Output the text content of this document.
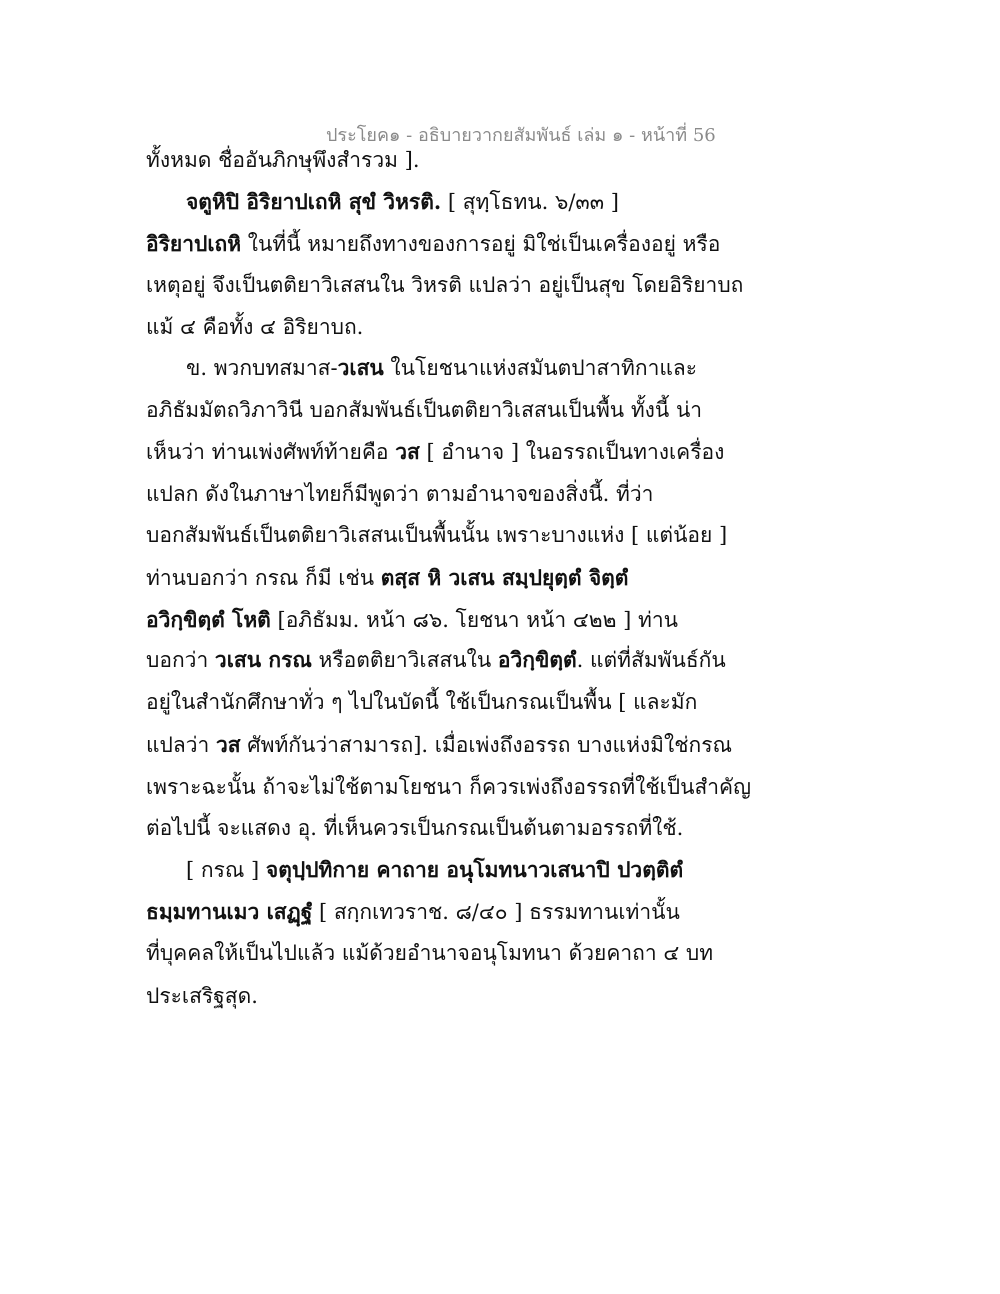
ประโยค๑ - อธิบายวากยสัมพันธ์ เล่ม ๑ - หน้าที่ 56
ทั้งหมด ชื่ออันภิกษุพึงสำรวม ].
จตูหิปิ อิริยาปเถหิ สุขํ วิหรติ. [ สุทฺโธทน. ๖/๓๓ ]
อิริยาปเถหิ ในที่นี้ หมายถึงทางของการอยู่ มิใช่เป็นเครื่องอยู่ หรือ
เหตุอยู่ จึงเป็นตติยาวิเสสนใน วิหรติ แปลว่า อยู่เป็นสุข โดยอิริยาบถ
แม้ ๔ คือทั้ง ๔ อิริยาบถ.
ข. พวกบทสมาส-วเสน ในโยชนาแห่งสมันตปาสาทิกาและ
อภิธัมมัตถวิภาวินี บอกสัมพันธ์เป็นตติยาวิเสสนเป็นพื้น ทั้งนี้ น่า
เห็นว่า ท่านเพ่งศัพท์ท้ายคือ วส [ อำนาจ ] ในอรรถเป็นทางเครื่อง
แปลก ดังในภาษาไทยก็มีพูดว่า ตามอำนาจของสิ่งนี้. ที่ว่า
บอกสัมพันธ์เป็นตติยาวิเสสนเป็นพื้นนั้น เพราะบางแห่ง [ แต่น้อย ]
ท่านบอกว่า กรณ ก็มี เช่น ตสฺส หิ วเสน สมฺปยุตฺตํ จิตฺตํ
อวิกฺขิตฺตํ โหติ [อภิธัมม. หน้า ๘๖. โยชนา หน้า ๔๒๒ ] ท่าน
บอกว่า วเสน กรณ หรือตติยาวิเสสนใน อวิกฺขิตฺตํ. แต่ที่สัมพันธ์กัน
อยู่ในสำนักศึกษาทั่ว ๆ ไปในบัดนี้ ใช้เป็นกรณเป็นพื้น [ และมัก
แปลว่า วส ศัพท์กันว่าสามารถ]. เมื่อเพ่งถึงอรรถ บางแห่งมิใช่กรณ
เพราะฉะนั้น ถ้าจะไม่ใช้ตามโยชนา ก็ควรเพ่งถึงอรรถที่ใช้เป็นสำคัญ
ต่อไปนี้ จะแสดง อุ. ที่เห็นควรเป็นกรณเป็นต้นตามอรรถที่ใช้.
[ กรณ ] จตุปฺปทิกาย คาถาย อนุโมทนาวเสนาปิ ปวตฺติตํ
ธมฺมทานเมว เสฏฺฐํ [ สกฺกเทวราช. ๘/๔๐ ] ธรรมทานเท่านั้น
ที่บุคคลให้เป็นไปแล้ว แม้ด้วยอำนาจอนุโมทนา ด้วยคาถา ๔ บท
ประเสริฐสุด.
